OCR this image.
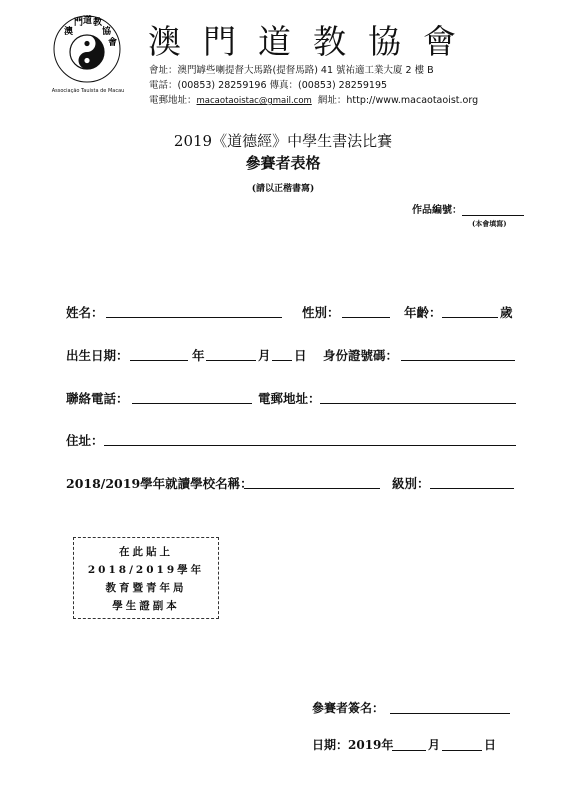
澳
門 道 教
協
會
Associação Tauista de Macau
澳門道教協會
會址：澳門罅些喇提督大馬路(提督馬路) 41 號祐適工業大廈 2 樓 B
電話：(00853) 28259196 傳真：(00853) 28259195
電郵地址：macaotaoistac@gmail.com 網址：http://www.macaotaoist.org
2019《道德經》中學生書法比賽
參賽者表格
(請以正楷書寫)
作品編號：
(本會填寫)
姓名：	性別：	年齡：	歲
出生日期：	年	月 日 身份證號碼：
聯絡電話：	電郵地址：
住址：
2018/2019學年就讀學校名稱：	級別：
在此貼上
2018/2019學年
教育暨青年局
學生證副本
參賽者簽名：
日期：2019年	月	日
